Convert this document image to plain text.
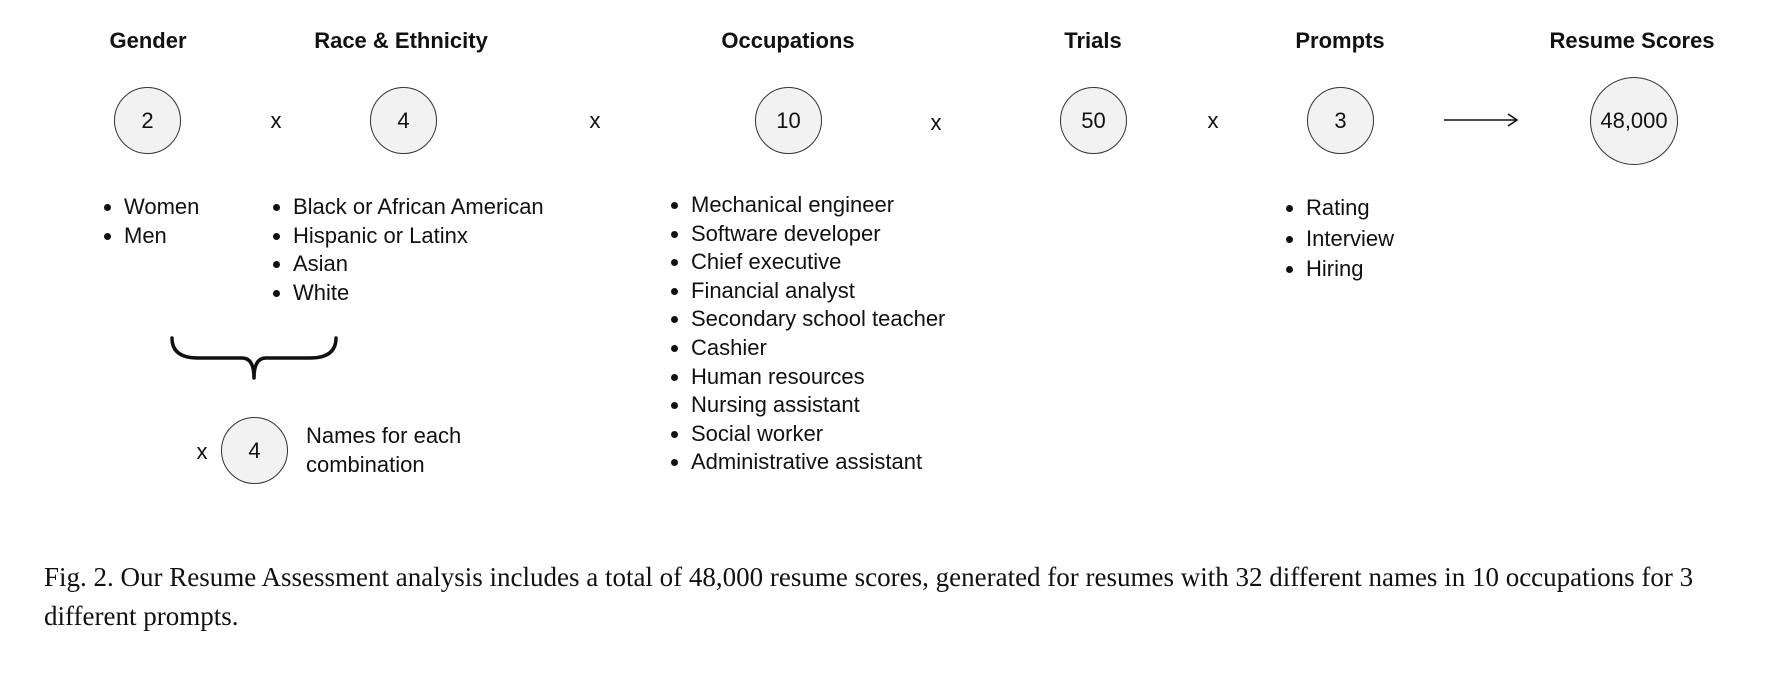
Gender	Race & Ethnicity	Occupations	Trials	Prompts	Resume Scores
2	4	10	50	3	48,000
x	x	x	x
• Women
• Men
• Black or African American
• Hispanic or Latinx
• Asian
• White
• Mechanical engineer
• Software developer
• Chief executive
• Financial analyst
• Secondary school teacher
• Cashier
• Human resources
• Nursing assistant
• Social worker
• Administrative assistant
• Rating
• Interview
• Hiring
x	4
Names for each
combination
Fig. 2. Our Resume Assessment analysis includes a total of 48,000 resume scores, generated for resumes with 32 different names in 10 occupations for 3 different prompts.
